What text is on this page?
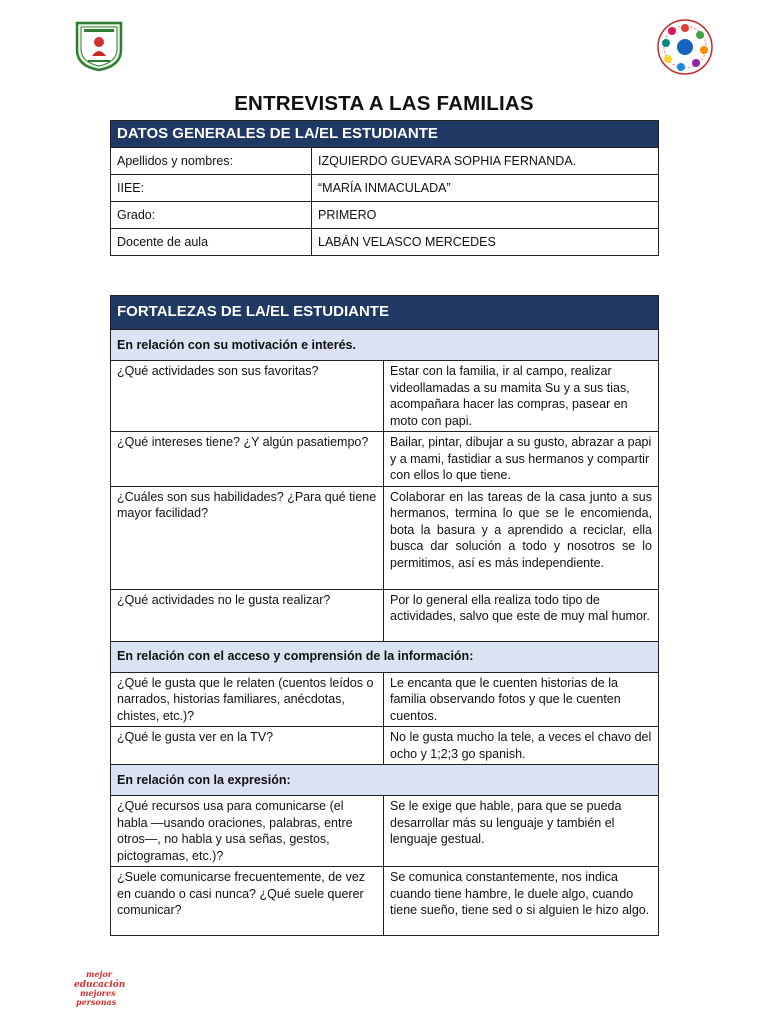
ENTREVISTA A LAS FAMILIAS
DATOS GENERALES DE LA/EL ESTUDIANTE	
Apellidos y nombres:	IZQUIERDO GUEVARA SOPHIA FERNANDA.
IIEE:	“MARÍA INMACULADA”
Grado:	PRIMERO
Docente de aula	LABÁN VELASCO MERCEDES
FORTALEZAS DE LA/EL ESTUDIANTE	
En relación con su motivación e interés.	
¿Qué actividades son sus favoritas?	Estar con la familia, ir al campo, realizar videollamadas a su mamita Su y a sus tias, acompañara hacer las compras, pasear en moto con papi.
¿Qué intereses tiene? ¿Y algún pasatiempo?	Bailar, pintar, dibujar a su gusto, abrazar a papi y a mami, fastidiar a sus hermanos y compartir con ellos lo que tiene.
¿Cuáles son sus habilidades? ¿Para qué tiene mayor facilidad?	Colaborar en las tareas de la casa junto a sus hermanos, termina lo que se le encomienda, bota la basura y a aprendido a reciclar, ella busca dar solución a todo y nosotros se lo permitimos, así es más independiente.
¿Qué actividades no le gusta realizar?	Por lo general ella realiza todo tipo de actividades, salvo que este de muy mal humor.
En relación con el acceso y comprensión de la información:	
¿Qué le gusta que le relaten (cuentos leídos o narrados, historias familiares, anécdotas, chistes, etc.)?	Le encanta que le cuenten historias de la familia observando fotos y que le cuenten cuentos.
¿Qué le gusta ver en la TV?	No le gusta mucho la tele, a veces el chavo del ocho y 1;2;3 go spanish.
En relación con la expresión:	
¿Qué recursos usa para comunicarse (el habla —usando oraciones, palabras, entre otros—, no habla y usa señas, gestos, pictogramas, etc.)?	Se le exige que hable, para que se pueda desarrollar más su lenguaje y también el lenguaje gestual.
¿Suele comunicarse frecuentemente, de vez en cuando o casi nunca? ¿Qué suele querer comunicar?	Se comunica constantemente, nos indica cuando tiene hambre, le duele algo, cuando tiene sueño, tiene sed o si alguien le hizo algo.
mejor
educación
mejores
personas
